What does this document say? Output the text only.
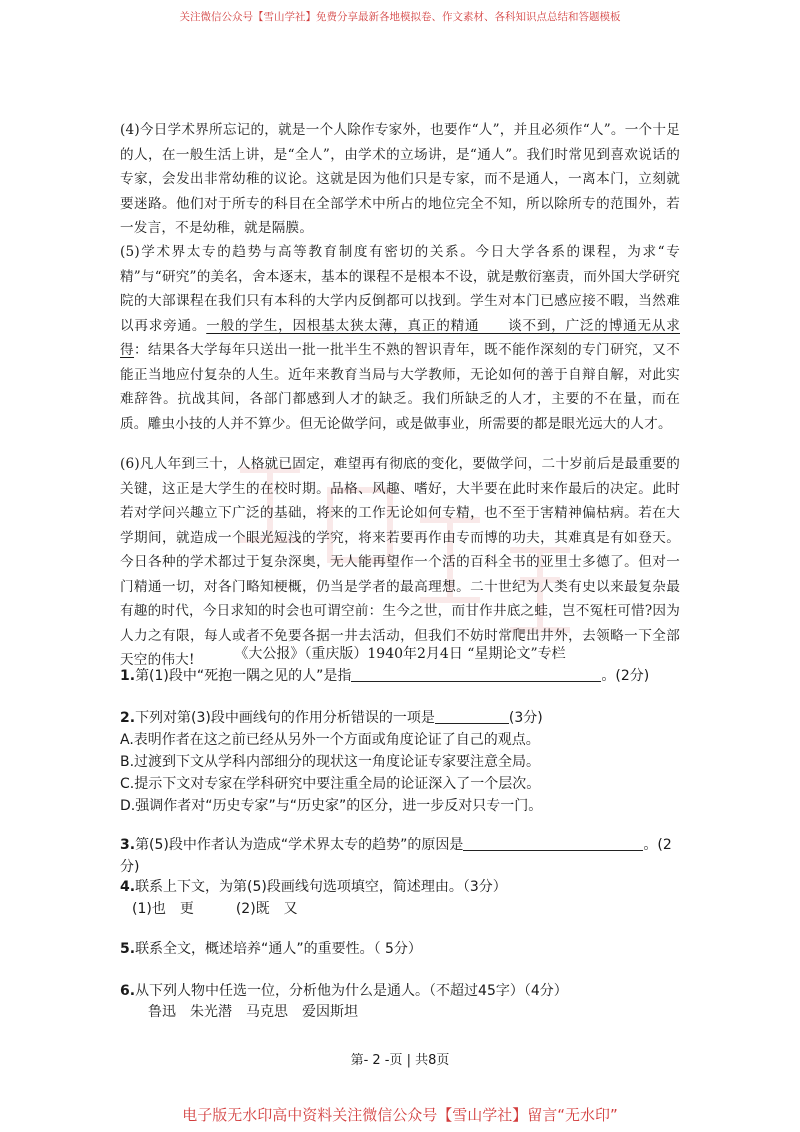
关注微信公众号【雪山学社】免费分享最新各地模拟卷、作文素材、各科知识点总结和答题模板

(4)今日学术界所忘记的，就是一个人除作专家外，也要作“人”，并且必须作“人”。一个十足的人，在一般生活上讲，是“全人”，由学术的立场讲，是“通人”。我们时常见到喜欢说话的专家，会发出非常幼稚的议论。这就是因为他们只是专家，而不是通人，一离本门，立刻就要迷路。他们对于所专的科目在全部学术中所占的地位完全不知，所以除所专的范围外，若一发言，不是幼稚，就是隔膜。

(5)学术界太专的趋势与高等教育制度有密切的关系。今日大学各系的课程，为求“专精”与“研究”的美名，舍本逐末，基本的课程不是根本不设，就是敷衍塞责，而外国大学研究院的大部课程在我们只有本科的大学内反倒都可以找到。学生对本门已感应接不暇，当然难以再求旁通。一般的学生，因根基太狭太薄，真正的精通　　谈不到，广泛的博通无从求得：结果各大学每年只送出一批一批半生不熟的智识青年，既不能作深刻的专门研究，又不能正当地应付复杂的人生。近年来教育当局与大学教师，无论如何的善于自辩自解，对此实难辞咎。抗战其间，各部门都感到人才的缺乏。我们所缺乏的人才，主要的不在量，而在质。雕虫小技的人并不算少。但无论做学问，或是做事业，所需要的都是眼光远大的人才。

(6)凡人年到三十，人格就已固定，难望再有彻底的变化，要做学问，二十岁前后是最重要的关键，这正是大学生的在校时期。品格、风趣、嗜好，大半要在此时来作最后的决定。此时若对学问兴趣立下广泛的基础，将来的工作无论如何专精，也不至于害精神偏枯病。若在大学期间，就造成一个眼光短浅的学究，将来若要再作由专而博的功夫，其难真是有如登天。今日各种的学术都过于复杂深奥，无人能再望作一个活的百科全书的亚里士多德了。但对一门精通一切，对各门略知梗概，仍当是学者的最高理想。二十世纪为人类有史以来最复杂最有趣的时代，今日求知的时会也可谓空前：生今之世，而甘作井底之蛙，岂不冤枉可惜?因为人力之有限，每人或者不免要各据一井去活动，但我们不妨时常爬出井外，去领略一下全部天空的伟大!	《大公报》（重庆版）1940年2月4日 “星期论文”专栏

1.第(1)段中“死抱一隅之见的人”是指	。(2分)

2.下列对第(3)段中画线句的作用分析错误的一项是	(3分)

A.表明作者在这之前已经从另外一个方面或角度论证了自己的观点。

B.过渡到下文从学科内部细分的现状这一角度论证专家要注意全局。

C.提示下文对专家在学科研究中要注重全局的论证深入了一个层次。

D.强调作者对“历史专家”与“历史家”的区分，进一步反对只专一门。

3.第(5)段中作者认为造成“学术界太专的趋势”的原因是	。(2分)

4.联系上下文，为第(5)段画线句选项填空，简述理由。（3分）

(1)也　更　　　(2)既　又

5.联系全文，概述培养“通人”的重要性。（ 5分）

6.从下列人物中任选一位，分析他为什么是通人。（不超过45字）（4分）

鲁迅　朱光潜　马克思　爱因斯坦
第- 2 -页 | 共8页
电子版无水印高中资料关注微信公众号【雪山学社】留言“无水印”
